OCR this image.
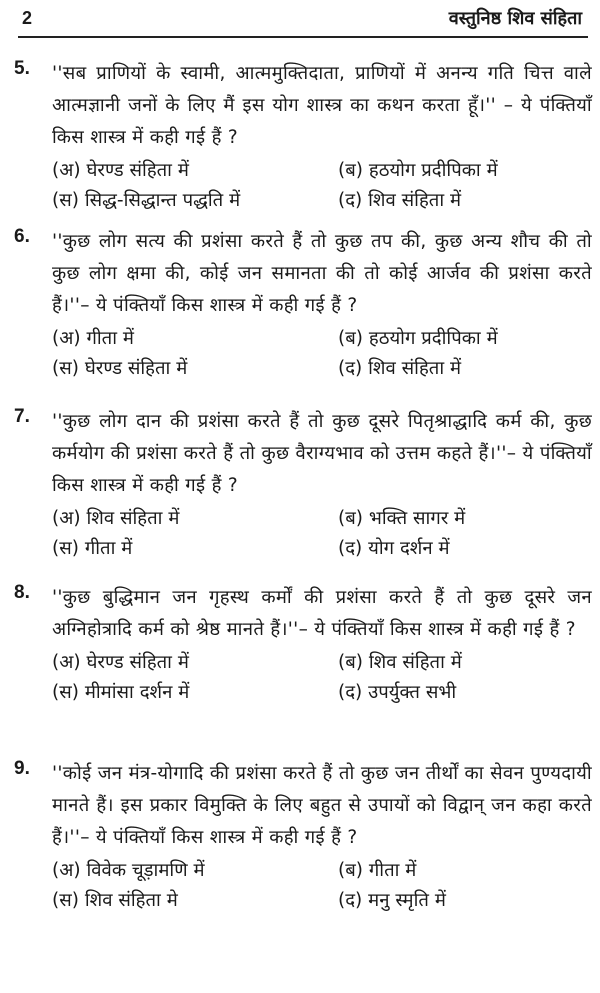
2	वस्तुनिष्ठ शिव संहिता
5. ''सब प्राणियों के स्वामी, आत्ममुक्तिदाता, प्राणियों में अनन्य गति चित्त वाले आत्मज्ञानी जनों के लिए मैं इस योग शास्त्र का कथन करता हूँ।'' – ये पंक्तियाँ किस शास्त्र में कही गई हैं ?
(अ) घेरण्ड संहिता में	(ब) हठयोग प्रदीपिका में
(स) सिद्ध-सिद्धान्त पद्धति में	(द) शिव संहिता में
6. ''कुछ लोग सत्य की प्रशंसा करते हैं तो कुछ तप की, कुछ अन्य शौच की तो कुछ लोग क्षमा की, कोई जन समानता की तो कोई आर्जव की प्रशंसा करते हैं।''– ये पंक्तियाँ किस शास्त्र में कही गई हैं ?
(अ) गीता में	(ब) हठयोग प्रदीपिका में
(स) घेरण्ड संहिता में	(द) शिव संहिता में
7. ''कुछ लोग दान की प्रशंसा करते हैं तो कुछ दूसरे पितृश्राद्धादि कर्म की, कुछ कर्मयोग की प्रशंसा करते हैं तो कुछ वैराग्यभाव को उत्तम कहते हैं।''– ये पंक्तियाँ किस शास्त्र में कही गई हैं ?
(अ) शिव संहिता में	(ब) भक्ति सागर में
(स) गीता में	(द) योग दर्शन में
8. ''कुछ बुद्धिमान जन गृहस्थ कर्मों की प्रशंसा करते हैं तो कुछ दूसरे जन अग्निहोत्रादि कर्म को श्रेष्ठ मानते हैं।''– ये पंक्तियाँ किस शास्त्र में कही गई हैं ?
(अ) घेरण्ड संहिता में	(ब) शिव संहिता में
(स) मीमांसा दर्शन में	(द) उपर्युक्त सभी
9. ''कोई जन मंत्र-योगादि की प्रशंसा करते हैं तो कुछ जन तीर्थों का सेवन पुण्यदायी मानते हैं। इस प्रकार विमुक्ति के लिए बहुत से उपायों को विद्वान् जन कहा करते हैं।''– ये पंक्तियाँ किस शास्त्र में कही गई हैं ?
(अ) विवेक चूड़ामणि में	(ब) गीता में
(स) शिव संहिता मे	(द) मनु स्मृति में
